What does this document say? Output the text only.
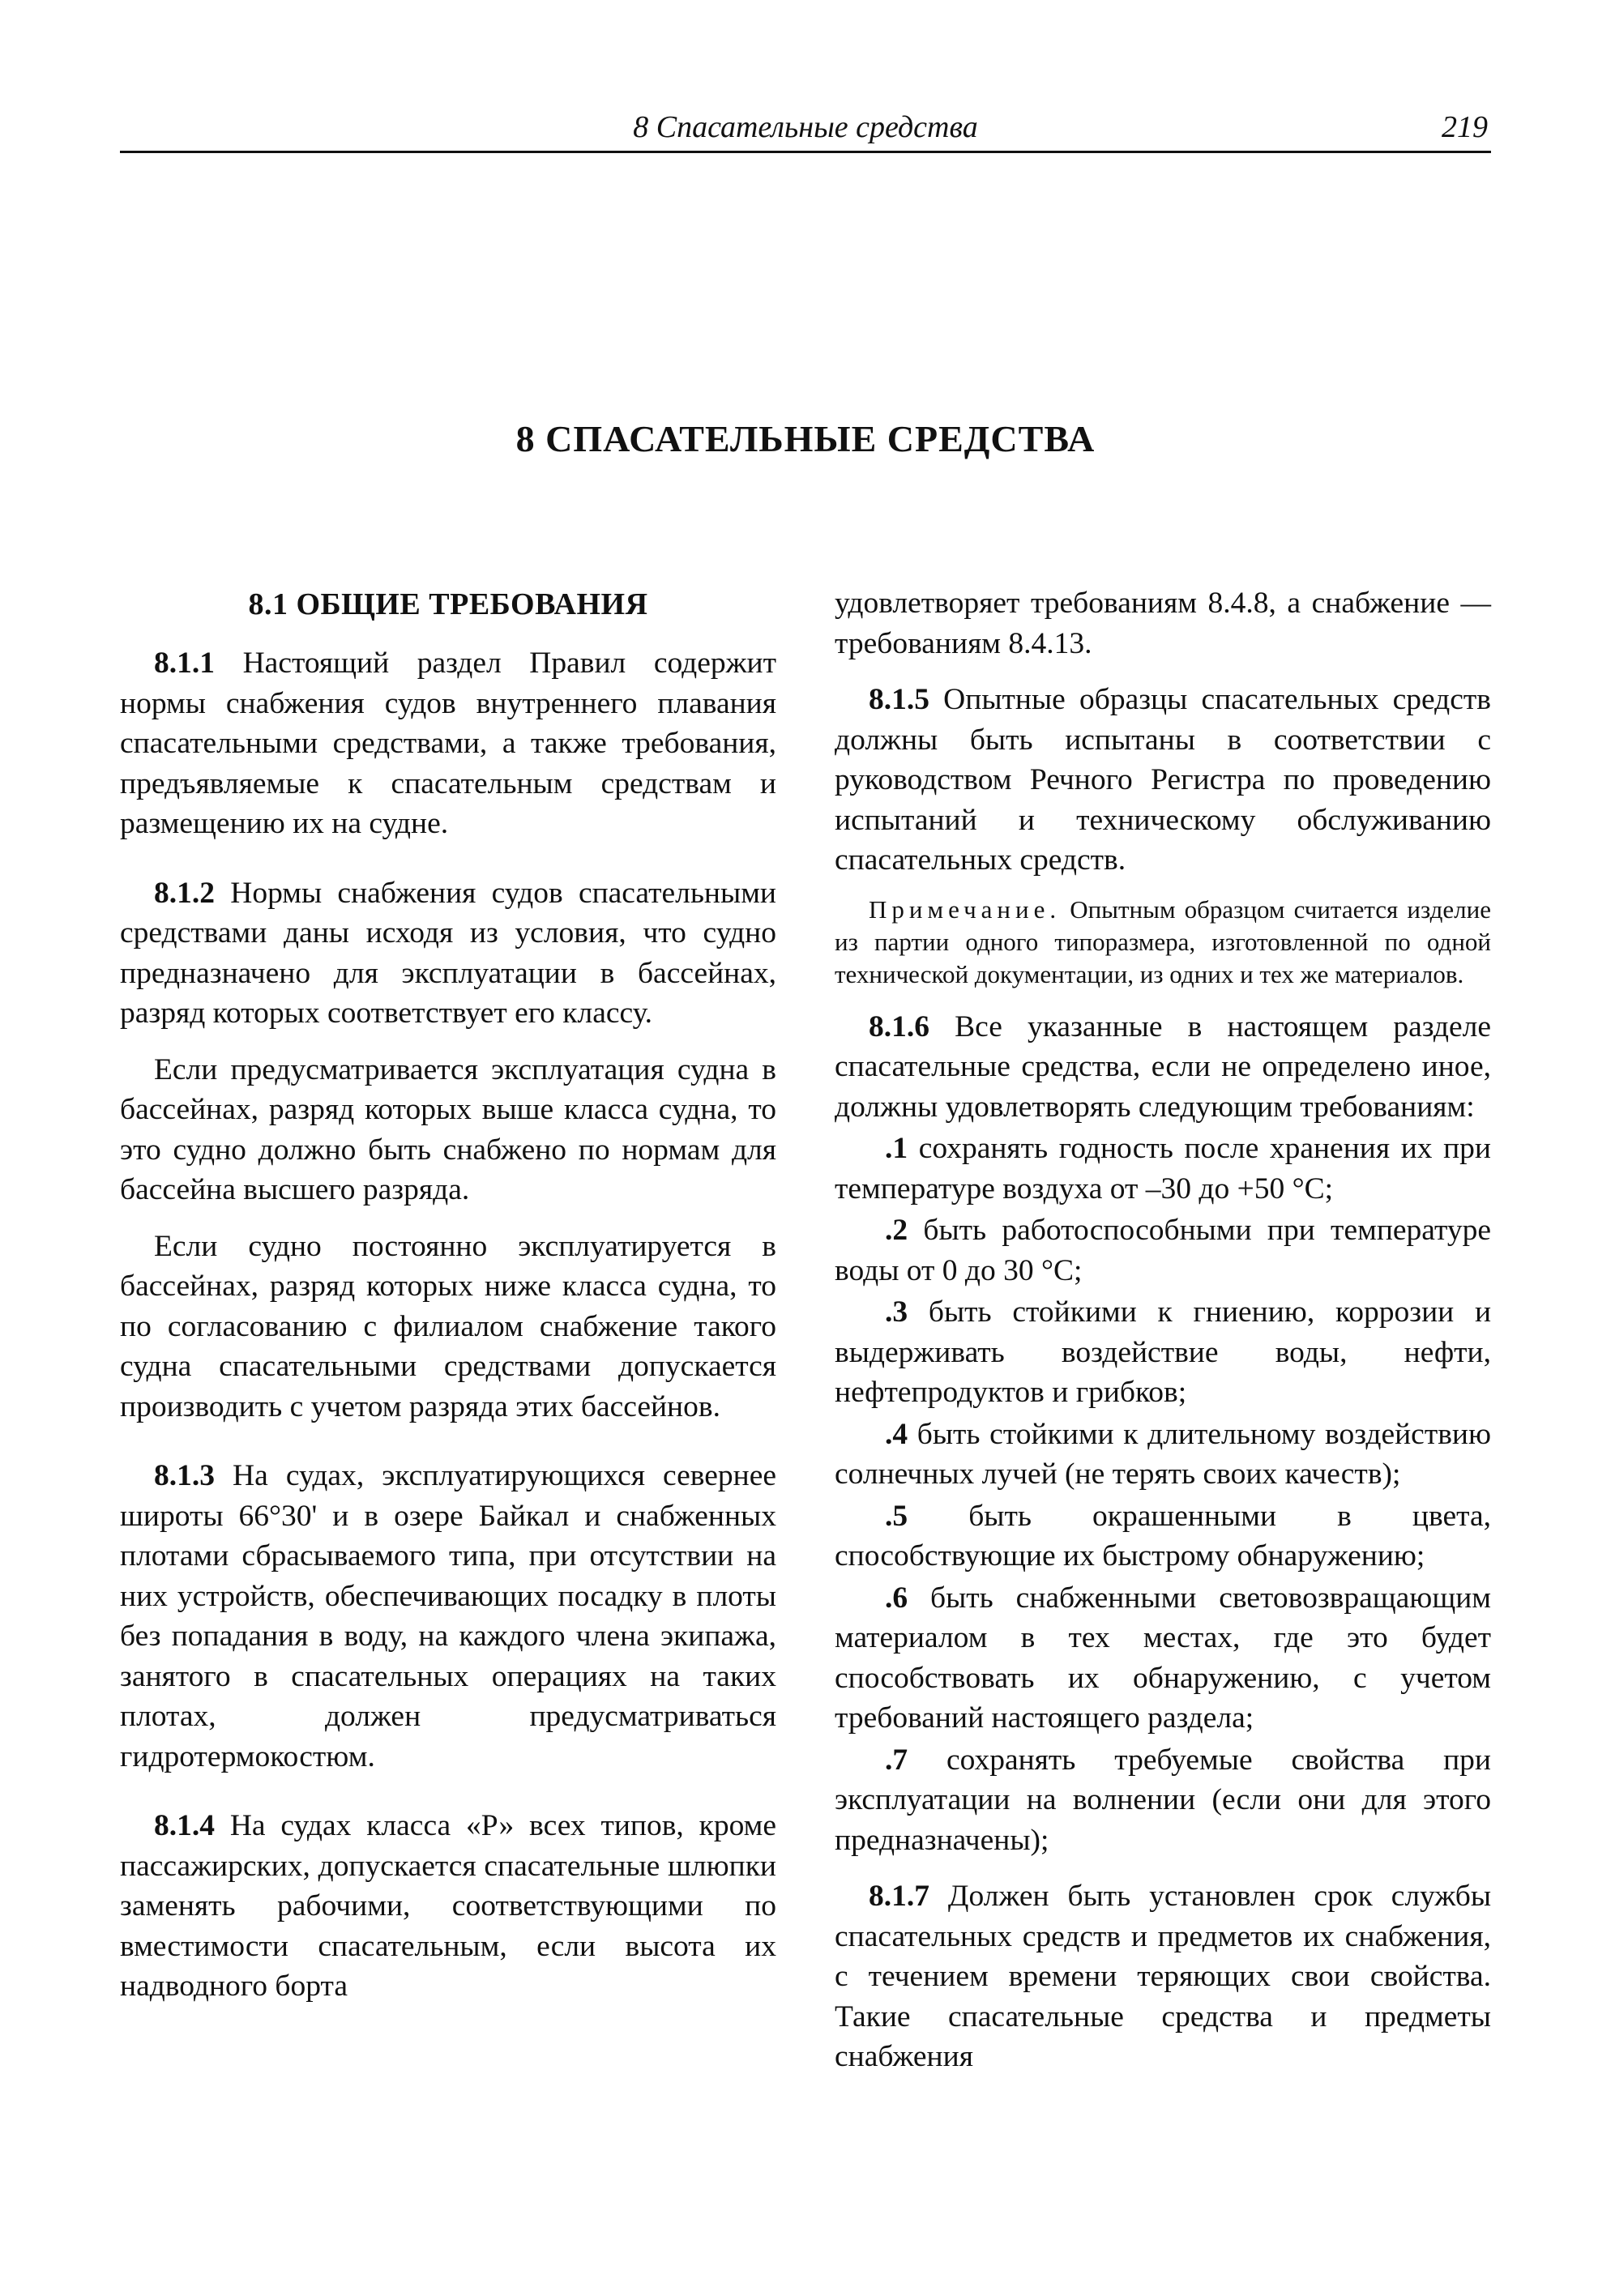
8 Спасательные средства	219
8 СПАСАТЕЛЬНЫЕ СРЕДСТВА
8.1 ОБЩИЕ ТРЕБОВАНИЯ

8.1.1 Настоящий раздел Правил содержит нормы снабжения судов внутреннего плавания спасательными средствами, а также требования, предъявляемые к спасательным средствам и размещению их на судне.

8.1.2 Нормы снабжения судов спасательными средствами даны исходя из условия, что судно предназначено для эксплуатации в бассейнах, разряд которых соответствует его классу.

Если предусматривается эксплуатация судна в бассейнах, разряд которых выше класса судна, то это судно должно быть снабжено по нормам для бассейна высшего разряда.

Если судно постоянно эксплуатируется в бассейнах, разряд которых ниже класса судна, то по согласованию с филиалом снабжение такого судна спасательными средствами допускается производить с учетом разряда этих бассейнов.

8.1.3 На судах, эксплуатирующихся севернее широты 66°30' и в озере Байкал и снабженных плотами сбрасываемого типа, при отсутствии на них устройств, обеспечивающих посадку в плоты без попадания в воду, на каждого члена экипажа, занятого в спасательных операциях на таких плотах, должен предусматриваться гидротермокостюм.

8.1.4 На судах класса «Р» всех типов, кроме пассажирских, допускается спасательные шлюпки заменять рабочими, соответствующими по вместимости спасательным, если высота их надводного борта

удовлетворяет требованиям 8.4.8, а снабжение — требованиям 8.4.13.

8.1.5 Опытные образцы спасательных средств должны быть испытаны в соответствии с руководством Речного Регистра по проведению испытаний и техническому обслуживанию спасательных средств.

Примечание. Опытным образцом считается изделие из партии одного типоразмера, изготовленной по одной технической документации, из одних и тех же материалов.

8.1.6 Все указанные в настоящем разделе спасательные средства, если не определено иное, должны удовлетворять следующим требованиям:

.1 сохранять годность после хранения их при температуре воздуха от –30 до +50 °С;

.2 быть работоспособными при температуре воды от 0 до 30 °С;

.3 быть стойкими к гниению, коррозии и выдерживать воздействие воды, нефти, нефтепродуктов и грибков;

.4 быть стойкими к длительному воздействию солнечных лучей (не терять своих качеств);

.5 быть окрашенными в цвета, способствующие их быстрому обнаружению;

.6 быть снабженными световозвращающим материалом в тех местах, где это будет способствовать их обнаружению, с учетом требований настоящего раздела;

.7 сохранять требуемые свойства при эксплуатации на волнении (если они для этого предназначены);

8.1.7 Должен быть установлен срок службы спасательных средств и предметов их снабжения, с течением времени теряющих свои свойства. Такие спасательные средства и предметы снабжения
